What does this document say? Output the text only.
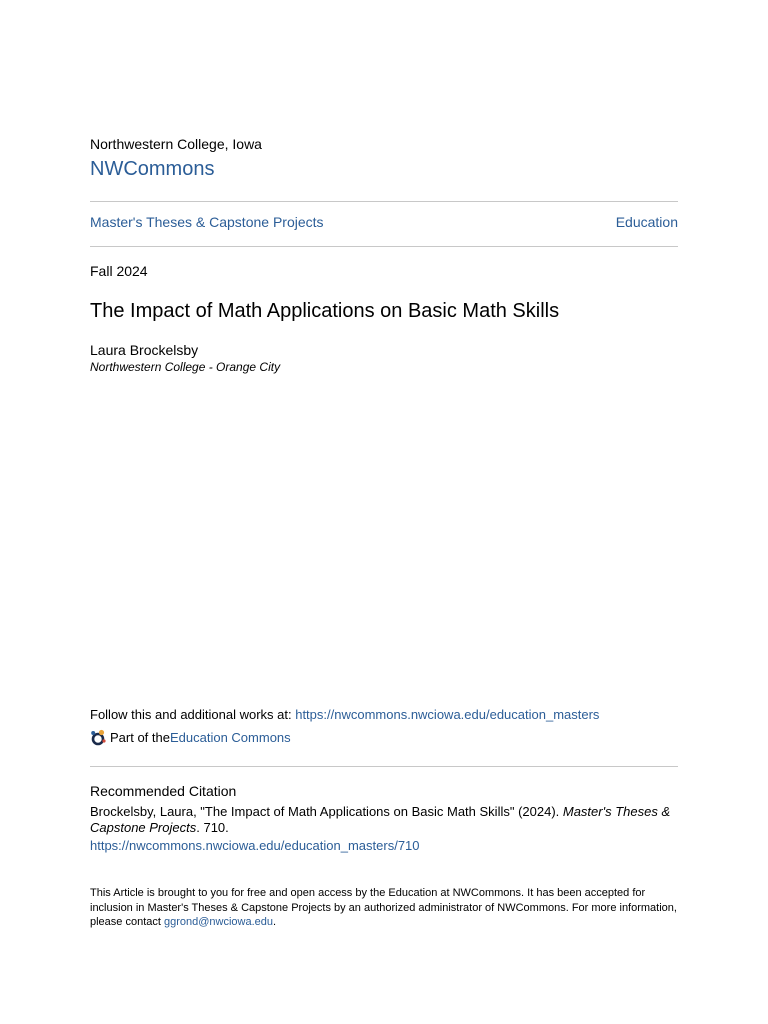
Northwestern College, Iowa
NWCommons
Master's Theses & Capstone Projects	Education
Fall 2024
The Impact of Math Applications on Basic Math Skills
Laura Brockelsby
Northwestern College - Orange City
Follow this and additional works at: https://nwcommons.nwciowa.edu/education_masters
Part of the Education Commons
Recommended Citation
Brockelsby, Laura, "The Impact of Math Applications on Basic Math Skills" (2024). Master's Theses & Capstone Projects. 710.
https://nwcommons.nwciowa.edu/education_masters/710
This Article is brought to you for free and open access by the Education at NWCommons. It has been accepted for inclusion in Master's Theses & Capstone Projects by an authorized administrator of NWCommons. For more information, please contact ggrond@nwciowa.edu.
